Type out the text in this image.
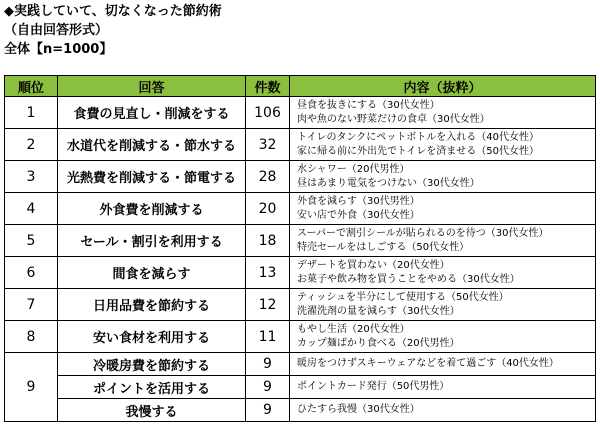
◆実践していて、切なくなった節約術
（自由回答形式）
全体【n=1000】
順位	回答	件数	内容（抜粋）
1	食費の見直し・削減をする	106	昼食を抜きにする（30代女性）
肉や魚のない野菜だけの食卓（30代女性）

2	水道代を削減する・節水する	32	トイレのタンクにペットボトルを入れる（40代女性）
家に帰る前に外出先でトイレを済ませる（50代女性）

3	光熱費を削減する・節電する	28	水シャワー（20代男性）
昼はあまり電気をつけない（30代女性）

4	外食費を削減する	20	外食を減らす（30代男性）
安い店で外食（30代女性）

5	セール・割引を利用する	18	スーパーで割引シールが貼られるのを待つ（30代女性）
特売セールをはしごする（50代女性）

6	間食を減らす	13	デザートを買わない（20代女性）
お菓子や飲み物を買うことをやめる（30代女性）

7	日用品費を節約する	12	ティッシュを半分にして使用する（50代女性）
洗濯洗剤の量を減らす（30代女性）

8	安い食材を利用する	11	もやし生活（20代女性）
カップ麺ばかり食べる（20代男性）

9	冷暖房費を節約する	9	暖房をつけずスキーウェアなどを着て過ごす（40代女性）
	ポイントを活用する	9	ポイントカード発行（50代男性）
	我慢する	9	ひたすら我慢（30代女性）
